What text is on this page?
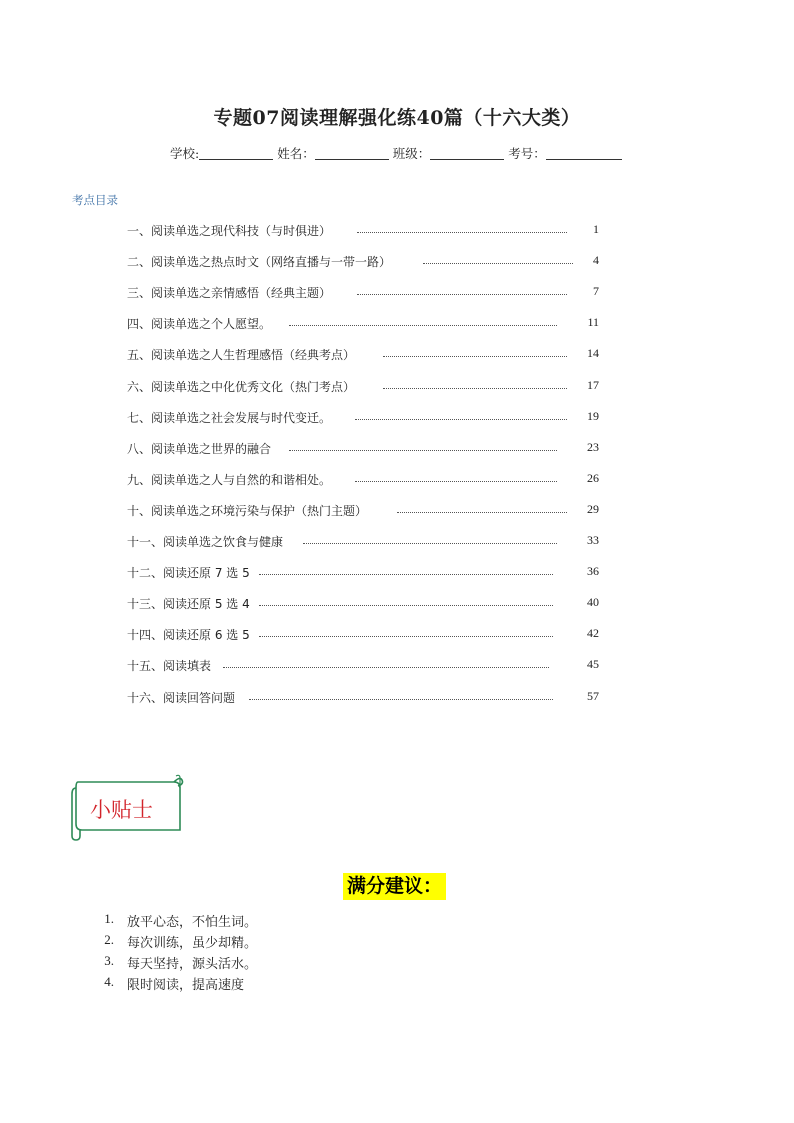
专题07阅读理解强化练40篇（十六大类）
学校:	姓名：	班级：	考号：
考点目录
一、阅读单选之现代科技（与时俱进）	1
二、阅读单选之热点时文（网络直播与一带一路）	4
三、阅读单选之亲情感悟（经典主题）	7
四、阅读单选之个人愿望。	11
五、阅读单选之人生哲理感悟（经典考点）	14
六、阅读单选之中化优秀文化（热门考点）	17
七、阅读单选之社会发展与时代变迁。	19
八、阅读单选之世界的融合	23
九、阅读单选之人与自然的和谐相处。	26
十、阅读单选之环境污染与保护（热门主题）	29
十一、阅读单选之饮食与健康	33
十二、阅读还原 7 选 5	36
十三、阅读还原 5 选 4	40
十四、阅读还原 6 选 5	42
十五、阅读填表	45
十六、阅读回答问题	57
小贴士
满分建议：
1. 放平心态，不怕生词。
2. 每次训练，虽少却精。
3. 每天坚持，源头活水。
4. 限时阅读，提高速度
